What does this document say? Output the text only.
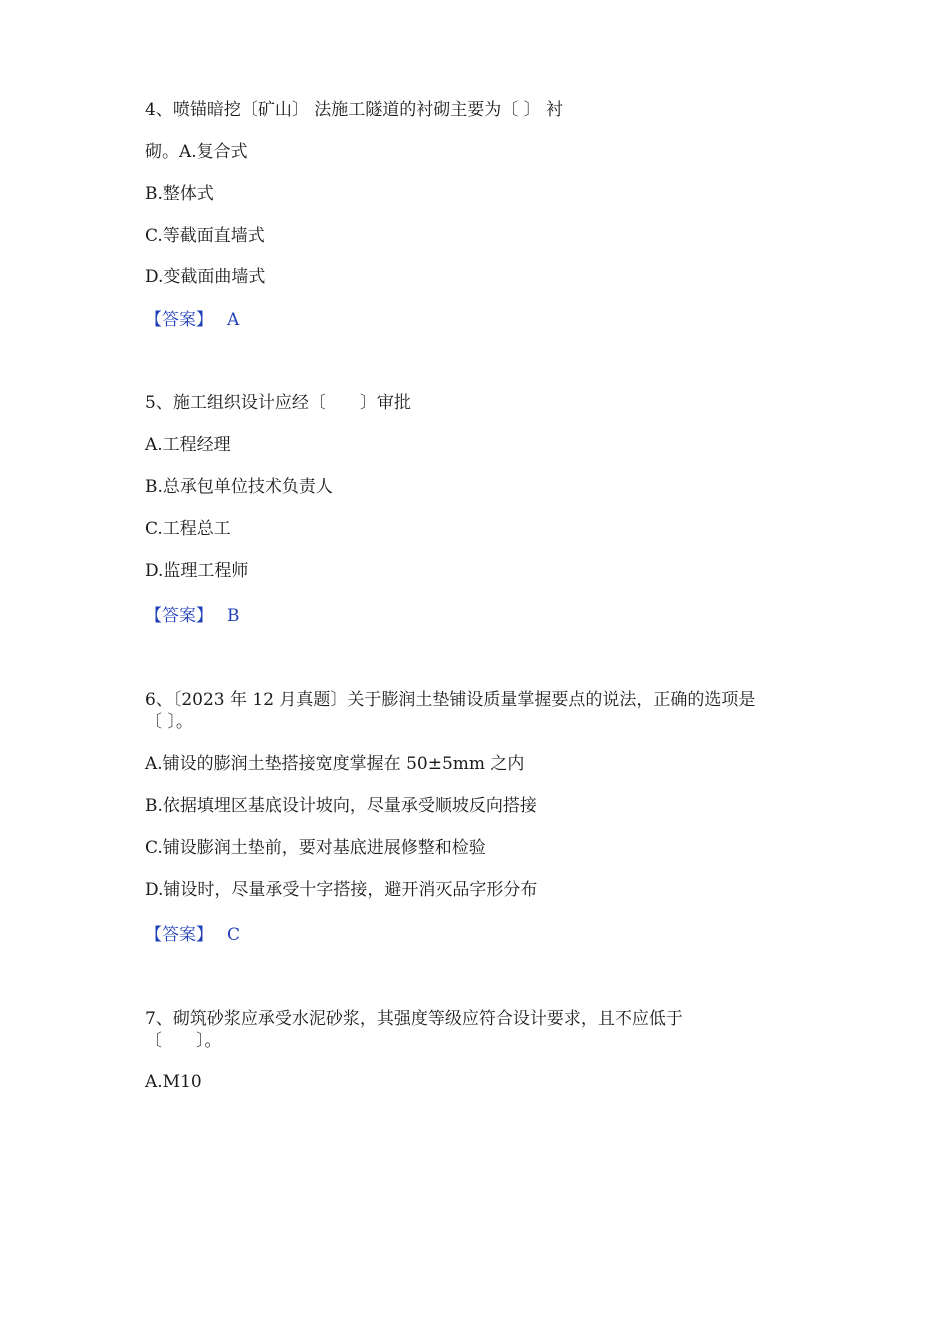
4、喷锚暗挖〔矿山〕 法施工隧道的衬砌主要为〔 〕 衬
砌。A.复合式
B.整体式
C.等截面直墙式
D.变截面曲墙式
【答案】 A
5、施工组织设计应经〔　　〕审批
A.工程经理
B.总承包单位技术负责人
C.工程总工
D.监理工程师
【答案】 B
6、〔2023 年 12 月真题〕关于膨润土垫铺设质量掌握要点的说法，正确的选项是
〔 〕。
A.铺设的膨润土垫搭接宽度掌握在 50±5mm 之内
B.依据填埋区基底设计坡向，尽量承受顺坡反向搭接
C.铺设膨润土垫前，要对基底进展修整和检验
D.铺设时，尽量承受十字搭接，避开消灭品字形分布
【答案】 C
7、砌筑砂浆应承受水泥砂浆，其强度等级应符合设计要求，且不应低于
〔　　〕。
A.M10
